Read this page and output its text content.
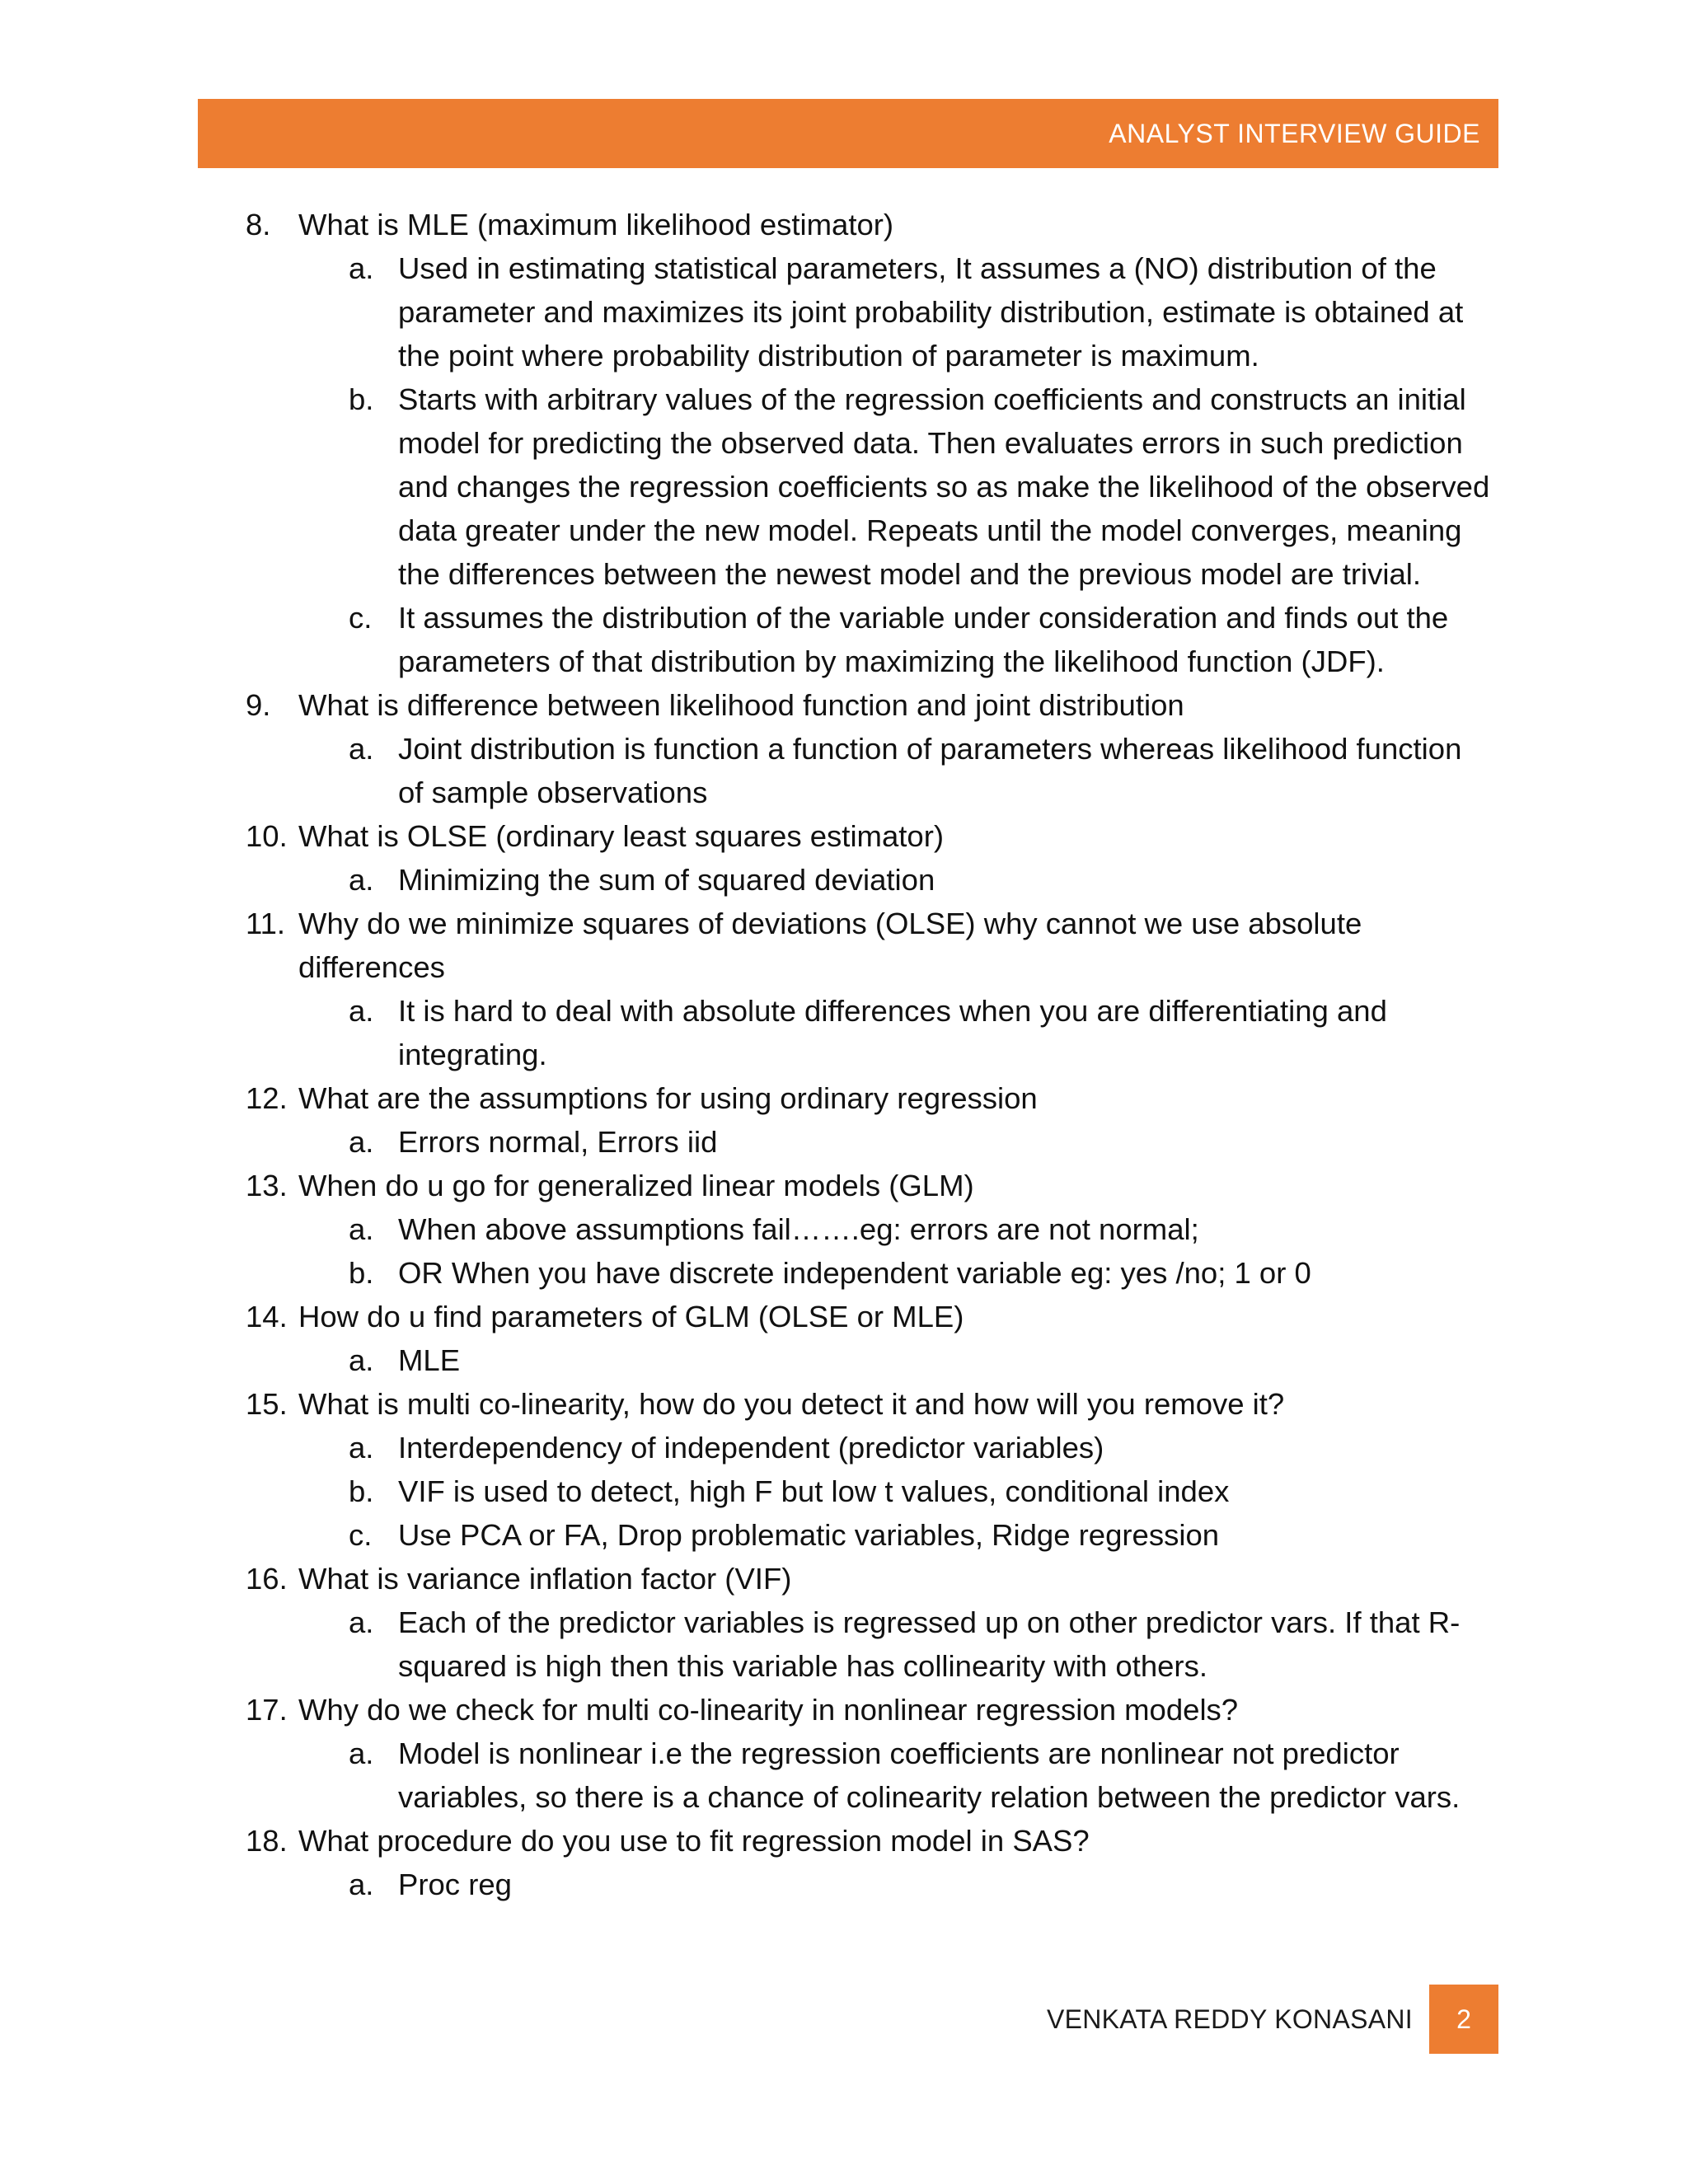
ANALYST INTERVIEW GUIDE
8. What is MLE (maximum likelihood estimator)
a. Used in estimating statistical parameters, It assumes a (NO) distribution of the parameter and maximizes its joint probability distribution, estimate is obtained at the point where probability distribution of parameter is maximum.
b. Starts with arbitrary values of the regression coefficients and constructs an initial model for predicting the observed data. Then evaluates errors in such prediction and changes the regression coefficients so as make the likelihood of the observed data greater under the new model. Repeats until the model converges, meaning the differences between the newest model and the previous model are trivial.
c. It assumes the distribution of the variable under consideration and finds out the parameters of that distribution by maximizing the likelihood function (JDF).
9. What is difference between likelihood function and joint distribution
a. Joint distribution is function a function of parameters whereas likelihood function of sample observations
10. What is OLSE (ordinary least squares estimator)
a. Minimizing the sum of squared deviation
11. Why do we minimize squares of deviations (OLSE) why cannot we use absolute differences
a. It is hard to deal with absolute differences when you are differentiating and integrating.
12. What are the assumptions for using ordinary regression
a. Errors normal, Errors iid
13. When do u go for generalized linear models (GLM)
a. When above assumptions fail…….eg: errors are not normal;
b. OR When you have discrete independent variable eg: yes /no; 1 or 0
14. How do u find parameters of GLM (OLSE or MLE)
a. MLE
15. What is multi co-linearity, how do you detect it and how will you remove it?
a. Interdependency of independent (predictor variables)
b. VIF is used to detect, high F but low t values, conditional index
c. Use PCA or FA, Drop problematic variables, Ridge regression
16. What is variance inflation factor (VIF)
a. Each of the predictor variables is regressed up on other predictor vars. If that R-squared is high then this variable has collinearity with others.
17. Why do we check for multi co-linearity in nonlinear regression models?
a. Model is nonlinear i.e the regression coefficients are nonlinear not predictor variables, so there is a chance of colinearity relation between the predictor vars.
18. What procedure do you use to fit regression model in SAS?
a. Proc reg
VENKATA REDDY KONASANI	2
